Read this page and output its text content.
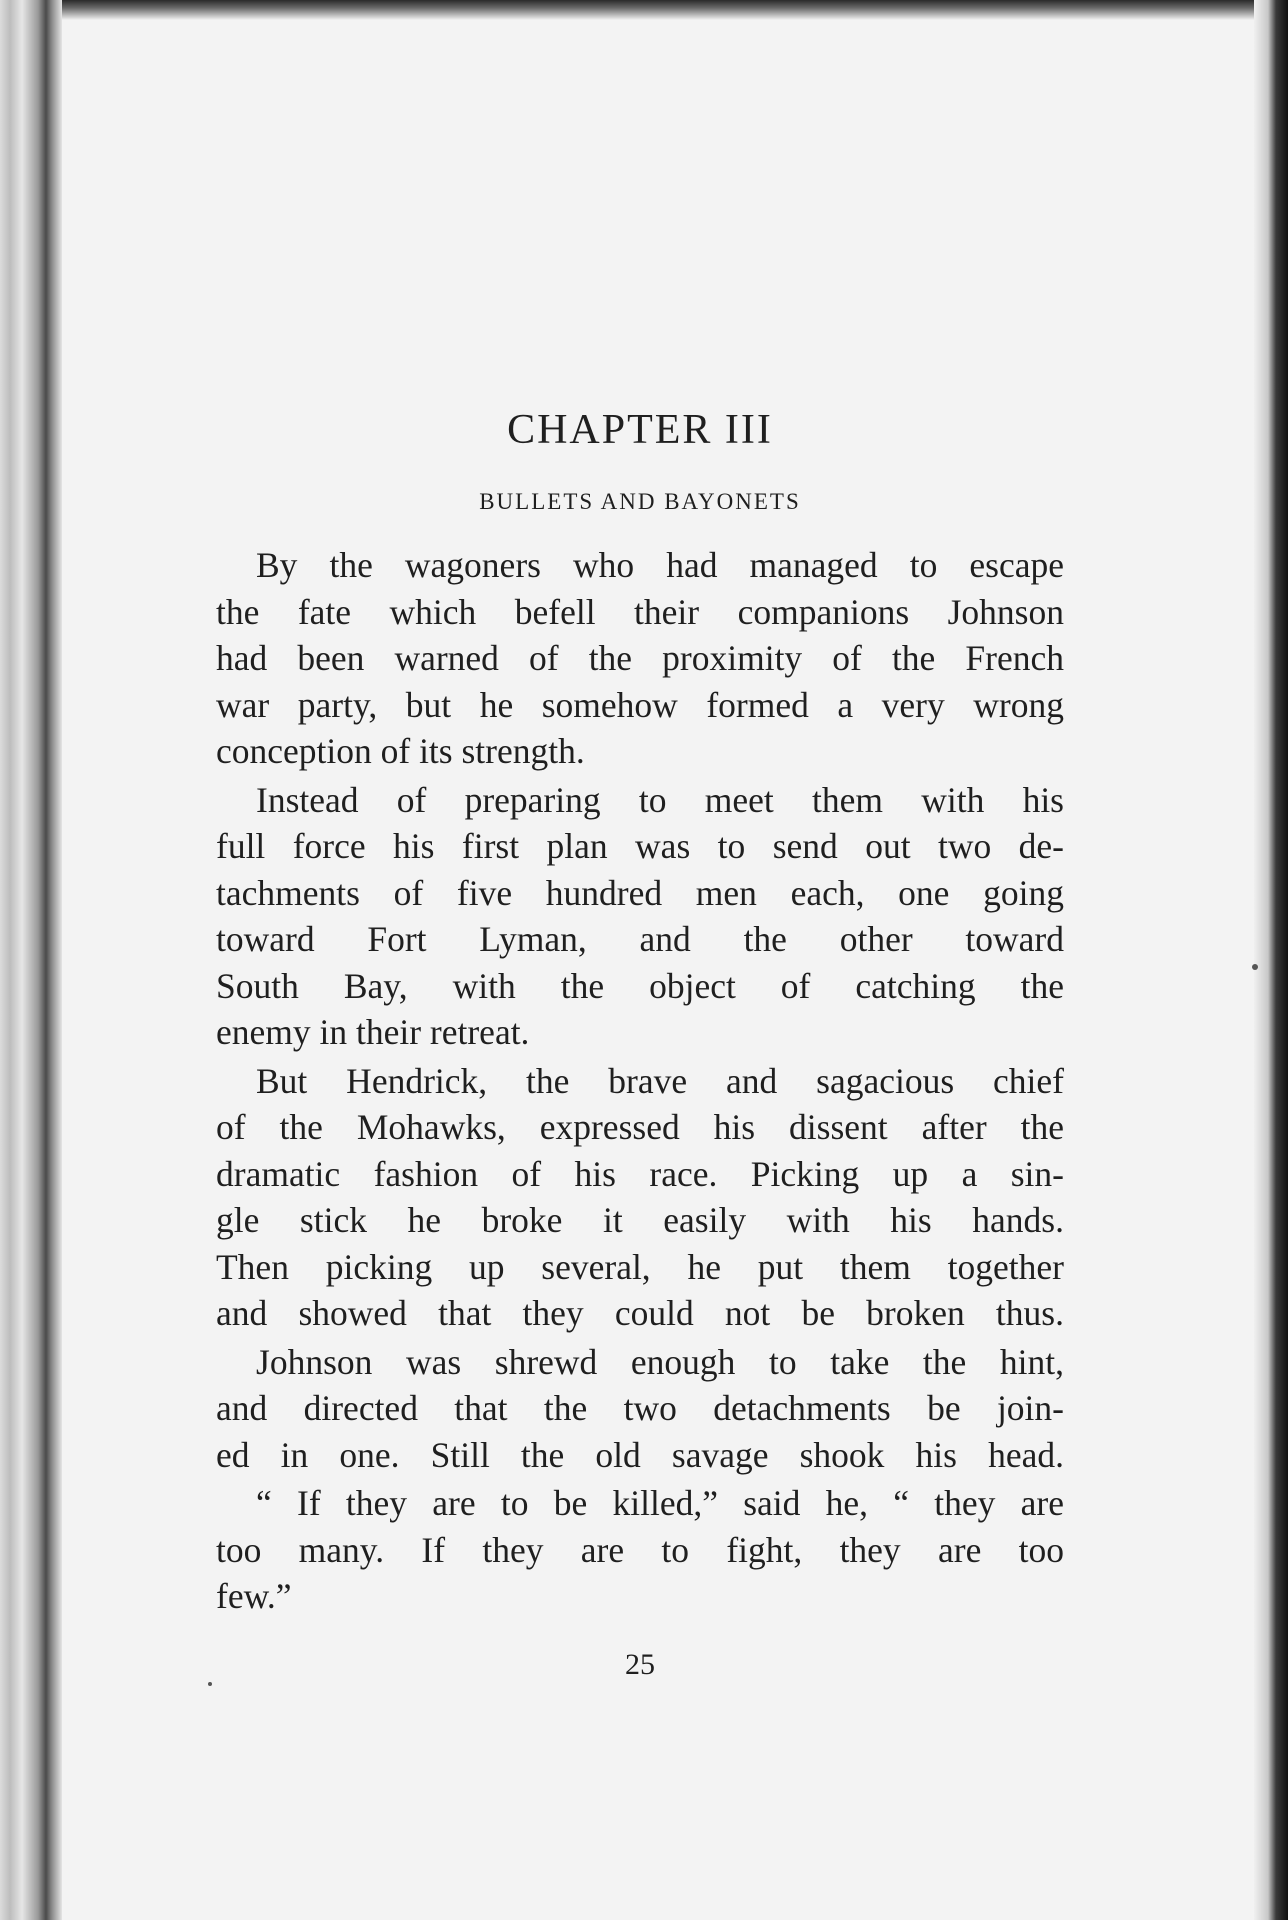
CHAPTER III
BULLETS AND BAYONETS
By the wagoners who had managed to escape
the fate which befell their companions Johnson
had been warned of the proximity of the French
war party, but he somehow formed a very wrong
conception of its strength.
Instead of preparing to meet them with his
full force his first plan was to send out two de-
tachments of five hundred men each, one going
toward Fort Lyman, and the other toward
South Bay, with the object of catching the
enemy in their retreat.
But Hendrick, the brave and sagacious chief
of the Mohawks, expressed his dissent after the
dramatic fashion of his race. Picking up a sin-
gle stick he broke it easily with his hands.
Then picking up several, he put them together
and showed that they could not be broken thus.
Johnson was shrewd enough to take the hint,
and directed that the two detachments be join-
ed in one. Still the old savage shook his head.
“ If they are to be killed,” said he, “ they are
too many. If they are to fight, they are too
few.”
25
